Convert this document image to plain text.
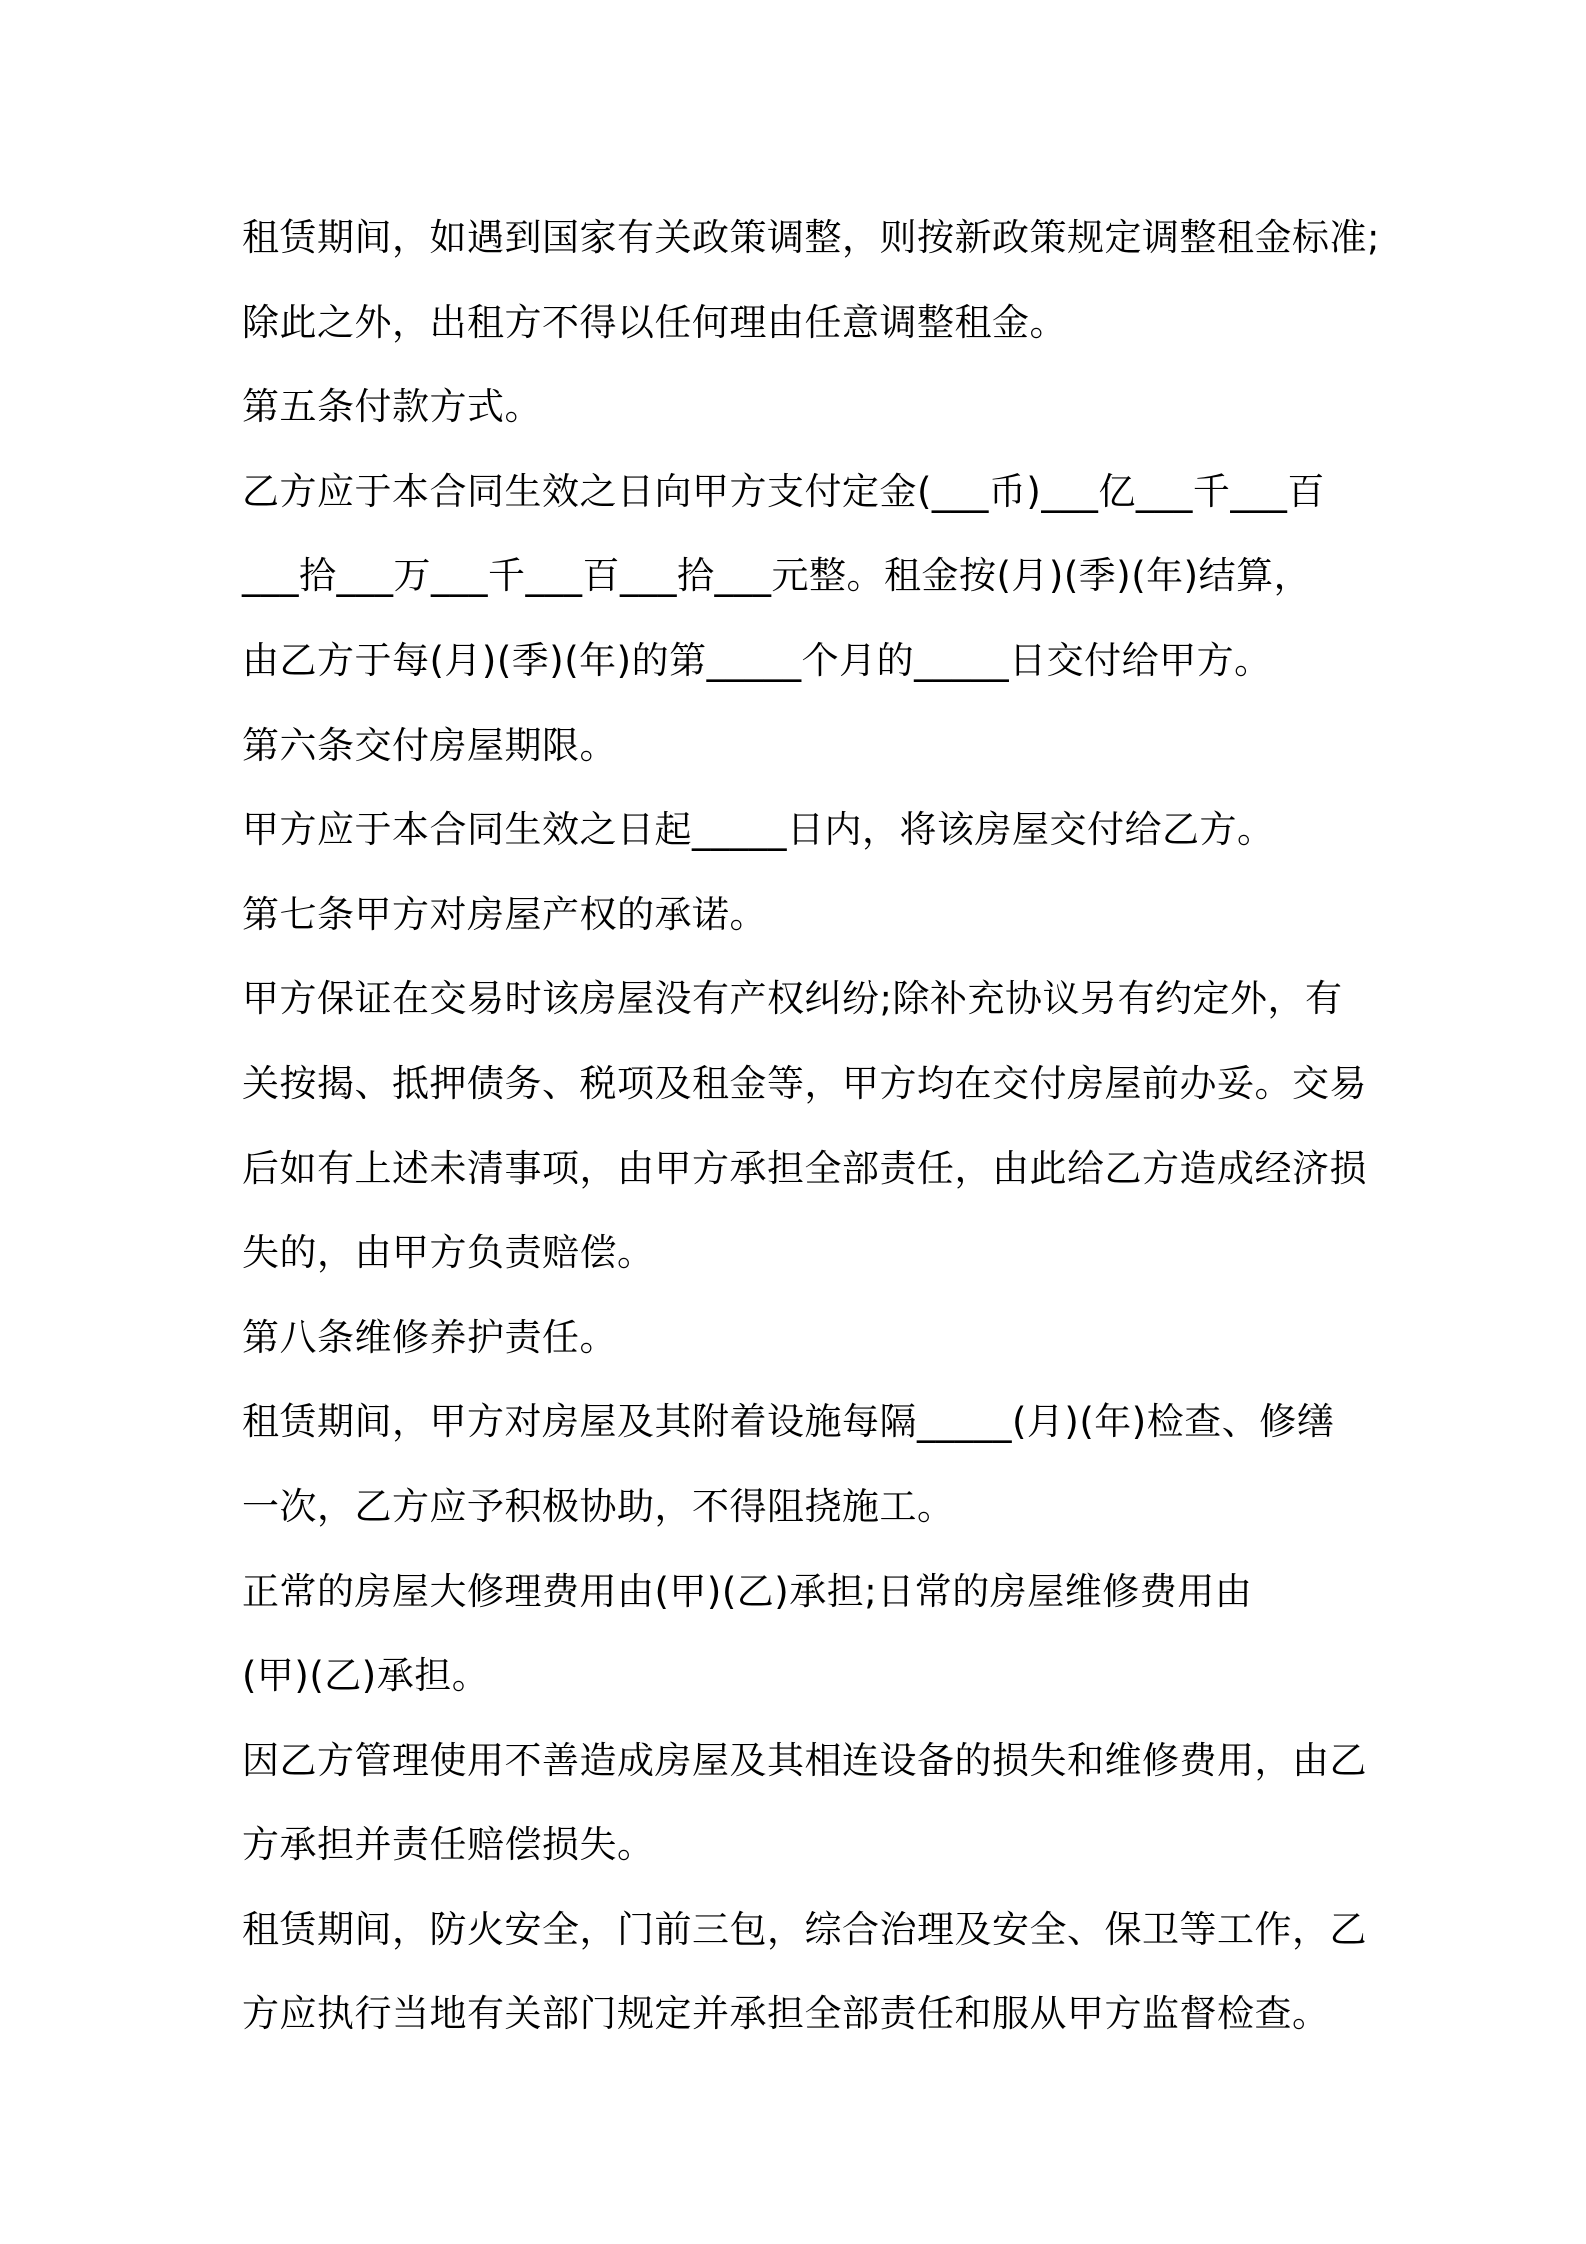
租赁期间，如遇到国家有关政策调整，则按新政策规定调整租金标准;
除此之外，出租方不得以任何理由任意调整租金。
第五条付款方式。
乙方应于本合同生效之日向甲方支付定金(___币)___亿___千___百
___拾___万___千___百___拾___元整。租金按(月)(季)(年)结算，
由乙方于每(月)(季)(年)的第_____个月的_____日交付给甲方。
第六条交付房屋期限。
甲方应于本合同生效之日起_____日内，将该房屋交付给乙方。
第七条甲方对房屋产权的承诺。
甲方保证在交易时该房屋没有产权纠纷;除补充协议另有约定外，有
关按揭、抵押债务、税项及租金等，甲方均在交付房屋前办妥。交易
后如有上述未清事项，由甲方承担全部责任，由此给乙方造成经济损
失的，由甲方负责赔偿。
第八条维修养护责任。
租赁期间，甲方对房屋及其附着设施每隔_____(月)(年)检查、修缮
一次，乙方应予积极协助，不得阻挠施工。
正常的房屋大修理费用由(甲)(乙)承担;日常的房屋维修费用由
(甲)(乙)承担。
因乙方管理使用不善造成房屋及其相连设备的损失和维修费用，由乙
方承担并责任赔偿损失。
租赁期间，防火安全，门前三包，综合治理及安全、保卫等工作，乙
方应执行当地有关部门规定并承担全部责任和服从甲方监督检查。
